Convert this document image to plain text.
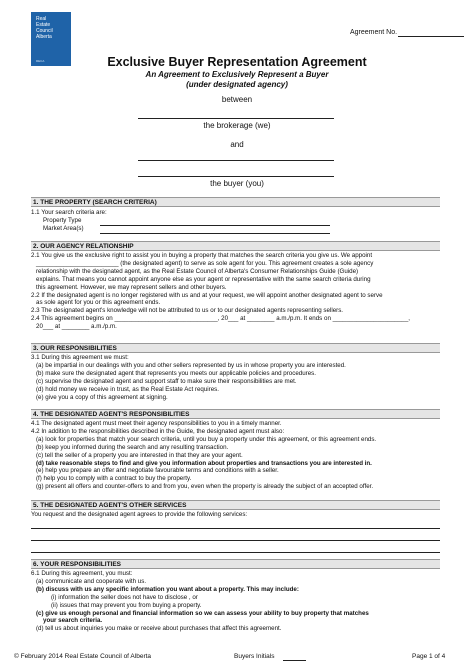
Real
Estate
Council
Alberta
RECA
Agreement No.
Exclusive Buyer Representation Agreement
An Agreement to Exclusively Represent a Buyer
(under designated agency)
between
the brokerage (we)
and
the buyer (you)
1. THE PROPERTY (SEARCH CRITERIA)

1.1 Your search criteria are:

Property Type

Market Area(s)

2. OUR AGENCY RELATIONSHIP

2.1 You give us the exclusive right to assist you in buying a property that matches the search criteria you give us. We appoint

________________________ (the designated agent) to serve as sole agent for you. This agreement creates a sole agency

relationship with the designated agent, as the Real Estate Council of Alberta's Consumer Relationships Guide (Guide)

explains. That means you cannot appoint anyone else as your agent or representative with the same search criteria during

this agreement. However, we may represent sellers and other buyers.

2.2 If the designated agent is no longer registered with us and at your request, we will appoint another designated agent to serve

as sole agent for you or this agreement ends.

2.3 The designated agent's knowledge will not be attributed to us or to our designated agents representing sellers.

2.4 This agreement begins on ______________________________, 20___ at ________ a.m./p.m. It ends on ______________________,

20___ at ________ a.m./p.m.

3. OUR RESPONSIBILITIES

3.1 During this agreement we must:

(a) be impartial in our dealings with you and other sellers represented by us in whose property you are interested.

(b) make sure the designated agent that represents you meets our applicable policies and procedures.

(c) supervise the designated agent and support staff to make sure their responsibilities are met.

(d) hold money we receive in trust, as the Real Estate Act requires.

(e) give you a copy of this agreement at signing.

4. THE DESIGNATED AGENT'S RESPONSIBILITIES

4.1 The designated agent must meet their agency responsibilities to you in a timely manner.

4.2 In addition to the responsibilities described in the Guide, the designated agent must also:

(a) look for properties that match your search criteria, until you buy a property under this agreement, or this agreement ends.

(b) keep you informed during the search and any resulting transaction.

(c) tell the seller of a property you are interested in that they are your agent.

(d) take reasonable steps to find and give you information about properties and transactions you are interested in.

(e) help you prepare an offer and negotiate favourable terms and conditions with a seller.

(f) help you to comply with a contract to buy the property.

(g) present all offers and counter-offers to and from you, even when the property is already the subject of an accepted offer.

5. THE DESIGNATED AGENT'S OTHER SERVICES

You request and the designated agent agrees to provide the following services:

6. YOUR RESPONSIBILITIES

6.1 During this agreement, you must:

(a) communicate and cooperate with us.

(b) discuss with us any specific information you want about a property. This may include:

(i) information the seller does not have to disclose , or

(ii) issues that may prevent you from buying a property.

(c) give us enough personal and financial information so we can assess your ability to buy property that matches

your search criteria.

(d) tell us about inquiries you make or receive about purchases that affect this agreement.

© February 2014 Real Estate Council of Alberta	Buyers Initials	Page 1 of 4
